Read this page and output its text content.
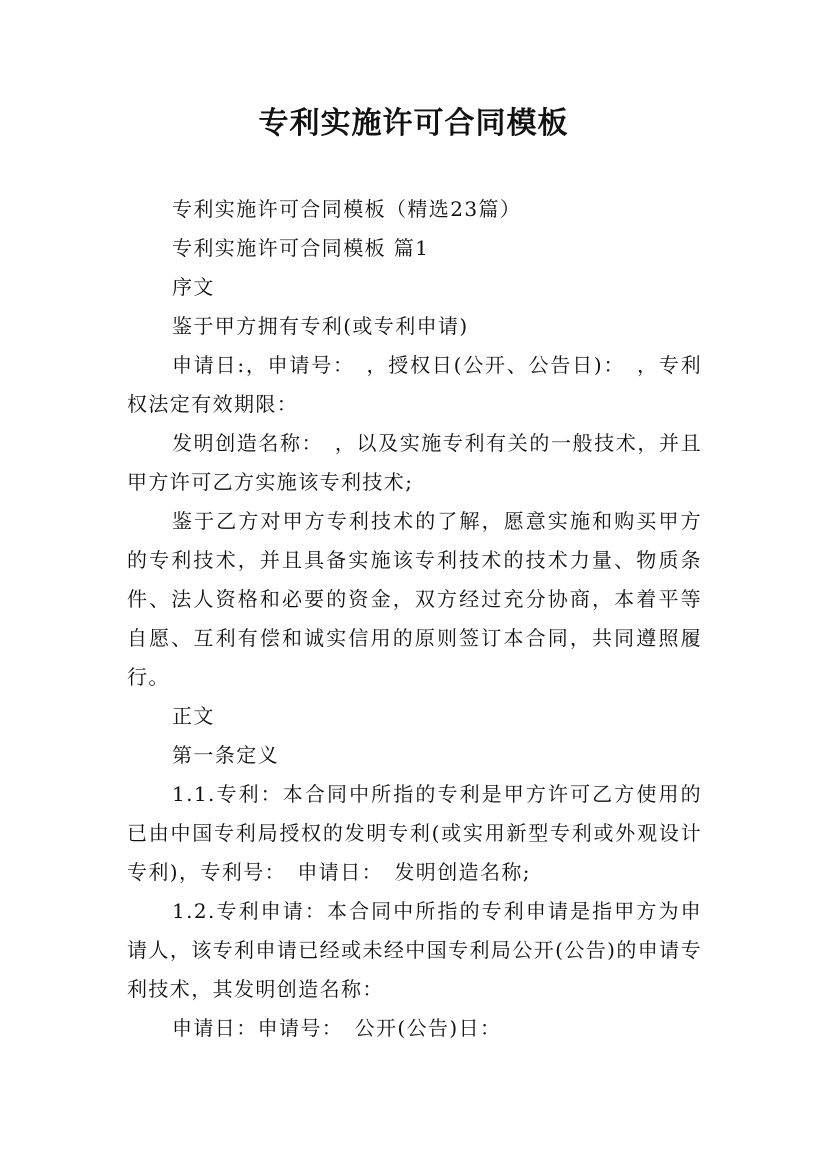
专利实施许可合同模板

专利实施许可合同模板（精选23篇）

专利实施许可合同模板 篇1

序文

鉴于甲方拥有专利(或专利申请)

申请日:，申请号：　，授权日(公开、公告日)：　，专利权法定有效期限：

发明创造名称：　，以及实施专利有关的一般技术，并且甲方许可乙方实施该专利技术;

鉴于乙方对甲方专利技术的了解，愿意实施和购买甲方的专利技术，并且具备实施该专利技术的技术力量、物质条件、法人资格和必要的资金，双方经过充分协商，本着平等自愿、互利有偿和诚实信用的原则签订本合同，共同遵照履行。

正文

第一条定义

1.1.专利：本合同中所指的专利是甲方许可乙方使用的已由中国专利局授权的发明专利(或实用新型专利或外观设计专利)，专利号：　申请日：　发明创造名称;

1.2.专利申请：本合同中所指的专利申请是指甲方为申请人，该专利申请已经或未经中国专利局公开(公告)的申请专利技术，其发明创造名称：

申请日：申请号：　公开(公告)日：
